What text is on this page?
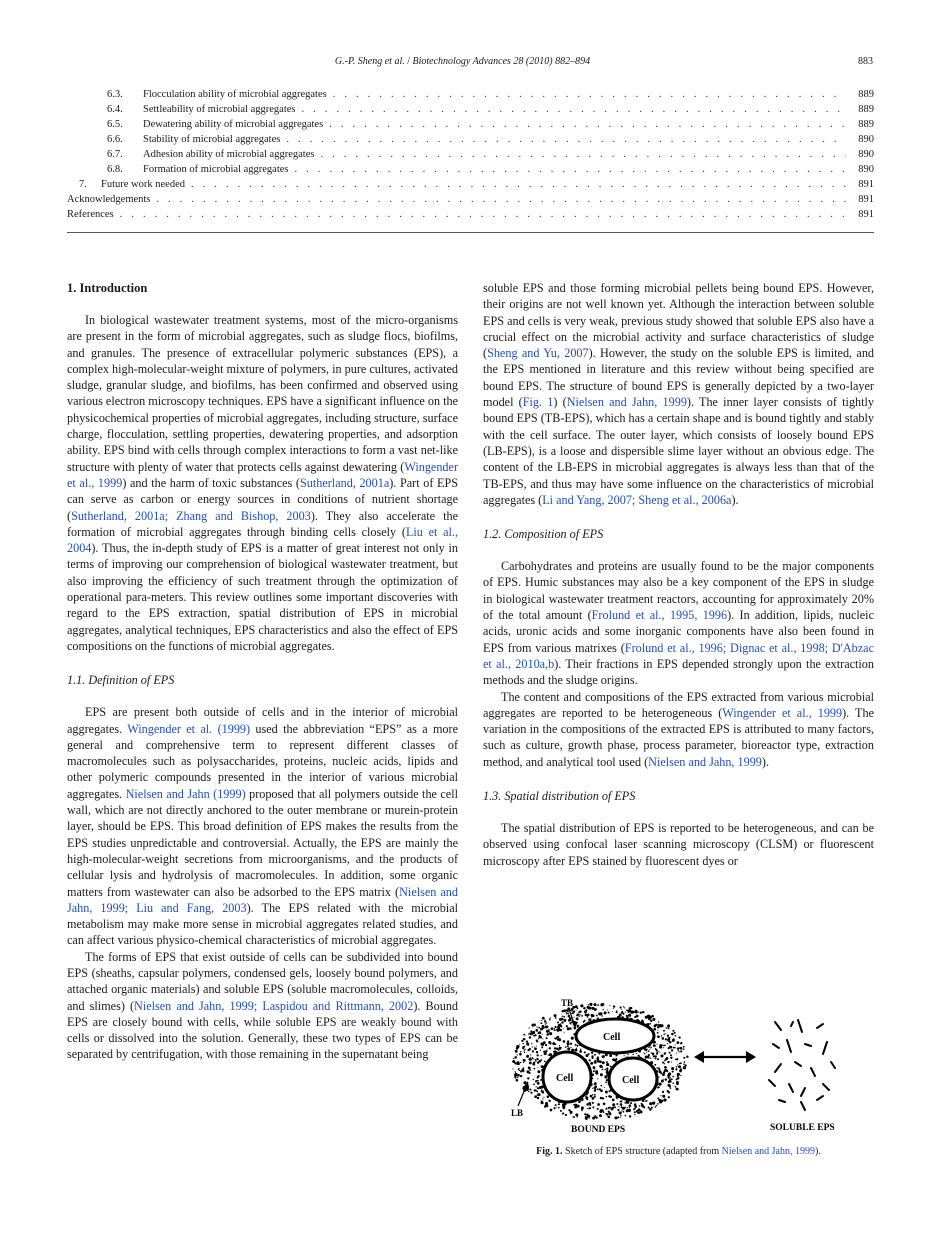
G.-P. Sheng et al. / Biotechnology Advances 28 (2010) 882–894	883
6.3.	Flocculation ability of microbial aggregates . . .	889
6.4.	Settleability of microbial aggregates . . .	889
6.5.	Dewatering ability of microbial aggregates . . .	889
6.6.	Stability of microbial aggregates . . .	890
6.7.	Adhesion ability of microbial aggregates . . .	890
6.8.	Formation of microbial aggregates . . .	890
7.	Future work needed . . .	891
Acknowledgements . . .	891
References . . .	891
1. Introduction

In biological wastewater treatment systems, most of the micro-organisms are present in the form of microbial aggregates, such as sludge flocs, biofilms, and granules. The presence of extracellular polymeric substances (EPS), a complex high-molecular-weight mixture of polymers, in pure cultures, activated sludge, granular sludge, and biofilms, has been confirmed and observed using various electron microscopy techniques. EPS have a significant influence on the physicochemical properties of microbial aggregates, including structure, surface charge, flocculation, settling properties, dewatering properties, and adsorption ability. EPS bind with cells through complex interactions to form a vast net-like structure with plenty of water that protects cells against dewatering (Wingender et al., 1999) and the harm of toxic substances (Sutherland, 2001a). Part of EPS can serve as carbon or energy sources in conditions of nutrient shortage (Sutherland, 2001a; Zhang and Bishop, 2003). They also accelerate the formation of microbial aggregates through binding cells closely (Liu et al., 2004). Thus, the in-depth study of EPS is a matter of great interest not only in terms of improving our comprehension of biological wastewater treatment, but also improving the efficiency of such treatment through the optimization of operational para-meters. This review outlines some important discoveries with regard to the EPS extraction, spatial distribution of EPS in microbial aggregates, analytical techniques, EPS characteristics and also the effect of EPS compositions on the functions of microbial aggregates.

1.1. Definition of EPS

EPS are present both outside of cells and in the interior of microbial aggregates. Wingender et al. (1999) used the abbreviation “EPS” as a more general and comprehensive term to represent different classes of macromolecules such as polysaccharides, proteins, nucleic acids, lipids and other polymeric compounds presented in the interior of various microbial aggregates. Nielsen and Jahn (1999) proposed that all polymers outside the cell wall, which are not directly anchored to the outer membrane or murein-protein layer, should be EPS. This broad definition of EPS makes the results from the EPS studies unpredictable and controversial. Actually, the EPS are mainly the high-molecular-weight secretions from microorganisms, and the products of cellular lysis and hydrolysis of macromolecules. In addition, some organic matters from wastewater can also be adsorbed to the EPS matrix (Nielsen and Jahn, 1999; Liu and Fang, 2003). The EPS related with the microbial metabolism may make more sense in microbial aggregates related studies, and can affect various physico-chemical characteristics of microbial aggregates.

The forms of EPS that exist outside of cells can be subdivided into bound EPS (sheaths, capsular polymers, condensed gels, loosely bound polymers, and attached organic materials) and soluble EPS (soluble macromolecules, colloids, and slimes) (Nielsen and Jahn, 1999; Laspidou and Rittmann, 2002). Bound EPS are closely bound with cells, while soluble EPS are weakly bound with cells or dissolved into the solution. Generally, these two types of EPS can be separated by centrifugation, with those remaining in the supernatant being

soluble EPS and those forming microbial pellets being bound EPS. However, their origins are not well known yet. Although the interaction between soluble EPS and cells is very weak, previous study showed that soluble EPS also have a crucial effect on the microbial activity and surface characteristics of sludge (Sheng and Yu, 2007). However, the study on the soluble EPS is limited, and the EPS mentioned in literature and this review without being specified are bound EPS. The structure of bound EPS is generally depicted by a two-layer model (Fig. 1) (Nielsen and Jahn, 1999). The inner layer consists of tightly bound EPS (TB-EPS), which has a certain shape and is bound tightly and stably with the cell surface. The outer layer, which consists of loosely bound EPS (LB-EPS), is a loose and dispersible slime layer without an obvious edge. The content of the LB-EPS in microbial aggregates is always less than that of the TB-EPS, and thus may have some influence on the characteristics of microbial aggregates (Li and Yang, 2007; Sheng et al., 2006a).

1.2. Composition of EPS

Carbohydrates and proteins are usually found to be the major components of EPS. Humic substances may also be a key component of the EPS in sludge in biological wastewater treatment reactors, accounting for approximately 20% of the total amount (Frolund et al., 1995, 1996). In addition, lipids, nucleic acids, uronic acids and some inorganic components have also been found in EPS from various matrixes (Frolund et al., 1996; Dignac et al., 1998; D'Abzac et al., 2010a,b). Their fractions in EPS depended strongly upon the extraction methods and the sludge origins.

The content and compositions of the EPS extracted from various microbial aggregates are reported to be heterogeneous (Wingender et al., 1999). The variation in the compositions of the extracted EPS is attributed to many factors, such as culture, growth phase, process parameter, bioreactor type, extraction method, and analytical tool used (Nielsen and Jahn, 1999).

1.3. Spatial distribution of EPS

The spatial distribution of EPS is reported to be heterogeneous, and can be observed using confocal laser scanning microscopy (CLSM) or fluorescent microscopy after EPS stained by fluorescent dyes or

Cell
Cell	Cell
TB
LB
BOUND EPS	SOLUBLE EPS
Fig. 1. Sketch of EPS structure (adapted from Nielsen and Jahn, 1999).
